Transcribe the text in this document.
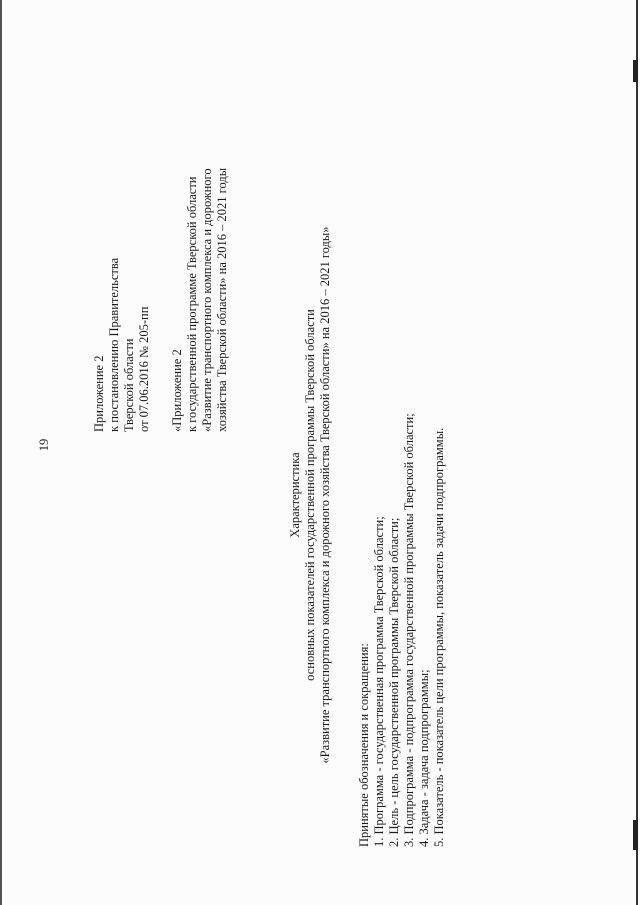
19
Приложение 2 к постановлению Правительства Тверской области от 07.06.2016 № 205-пп «Приложение 2 к государственной программе Тверской области «Развитие транспортного комплекса и дорожного хозяйства Тверской области» на 2016 – 2021 годы
Характеристика основных показателей государственной программы Тверской области «Развитие транспортного комплекса и дорожного хозяйства Тверской области» на 2016 – 2021 годы» Принятые обозначения и сокращения: 1. Программа - государственная программа Тверской области; 2. Цель - цель государственной программы Тверской области; 3. Подпрограмма - подпрограмма государственной программы Тверской области; 4. Задача - задача подпрограммы; 5. Показатель - показатель цели программы, показатель задачи подпрограммы.
